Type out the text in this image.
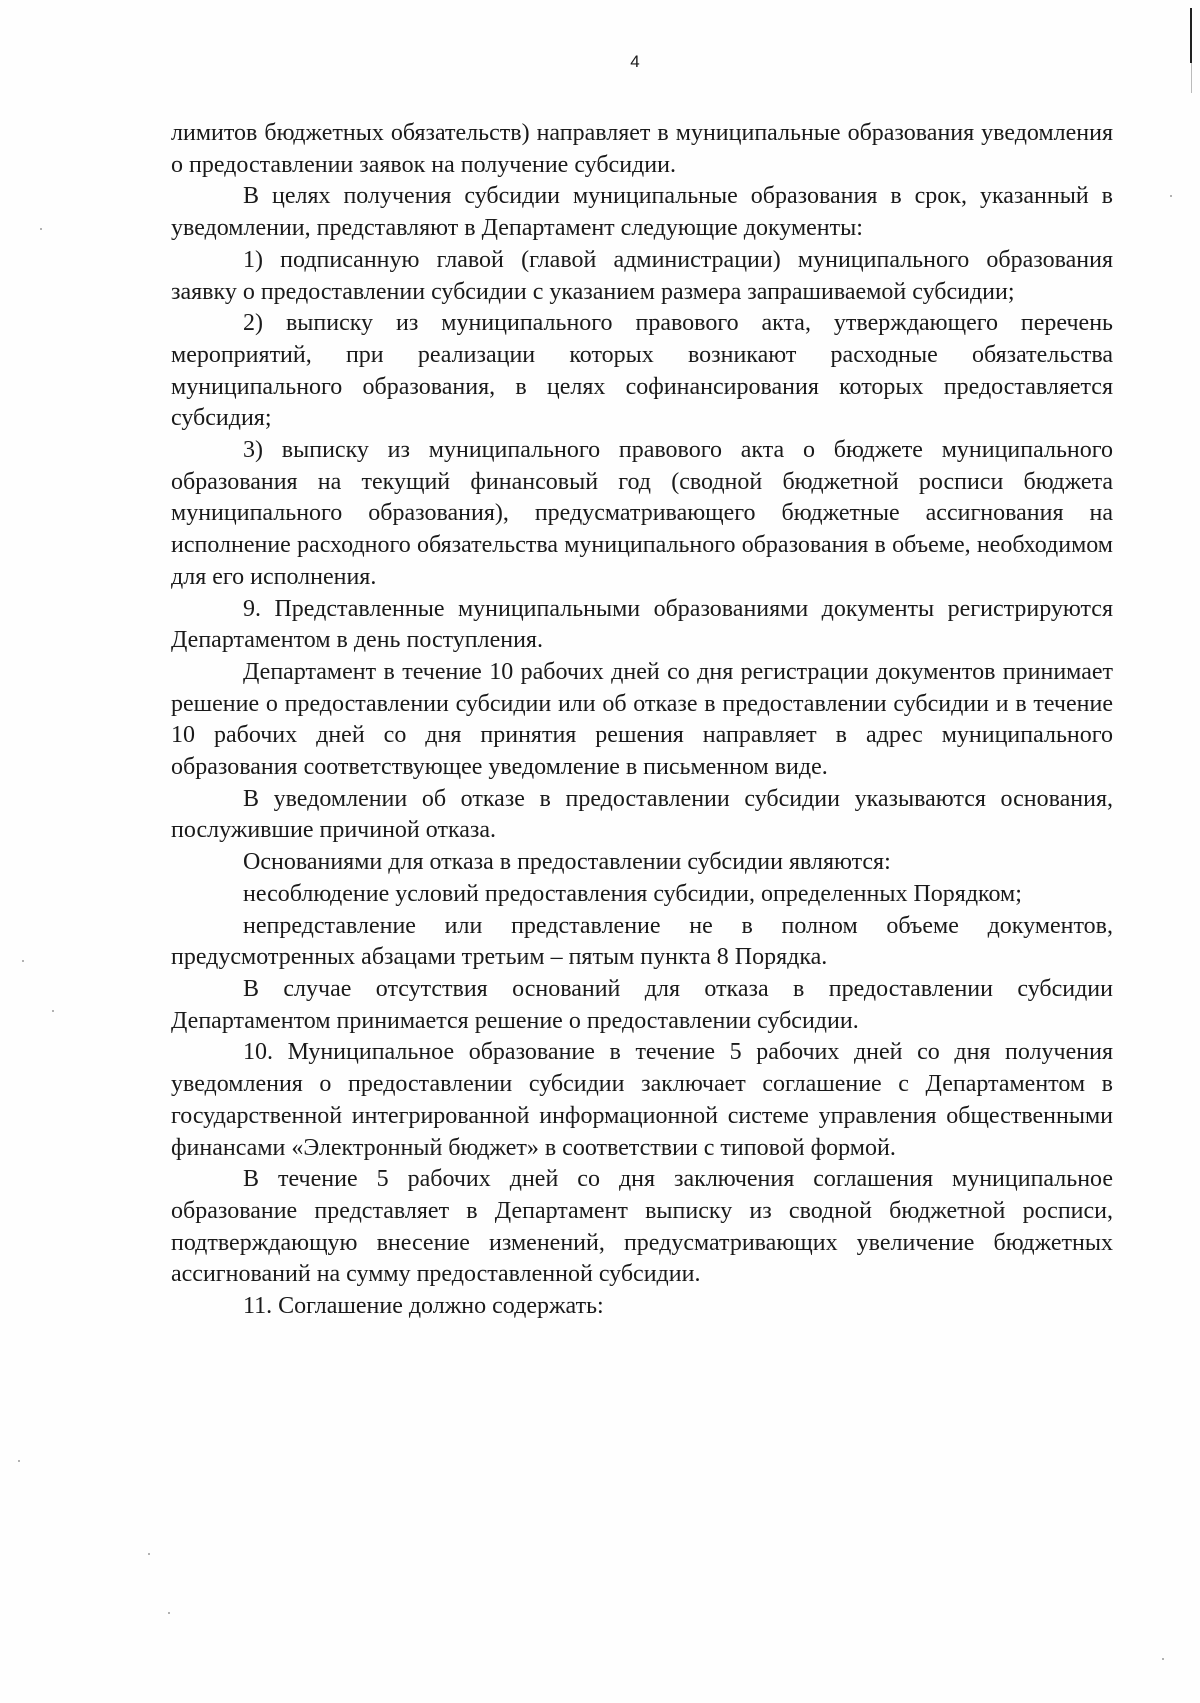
4

лимитов бюджетных обязательств) направляет в муниципальные образования уведомления о предоставлении заявок на получение субсидии.

В целях получения субсидии муниципальные образования в срок, указанный в уведомлении, представляют в Департамент следующие документы:

1) подписанную главой (главой администрации) муниципального образования заявку о предоставлении субсидии с указанием размера запрашиваемой субсидии;

2) выписку из муниципального правового акта, утверждающего перечень мероприятий, при реализации которых возникают расходные обязательства муниципального образования, в целях софинансирования которых предоставляется субсидия;

3) выписку из муниципального правового акта о бюджете муниципального образования на текущий финансовый год (сводной бюджетной росписи бюджета муниципального образования), предусматривающего бюджетные ассигнования на исполнение расходного обязательства муниципального образования в объеме, необходимом для его исполнения.

9. Представленные муниципальными образованиями документы регистрируются Департаментом в день поступления.

Департамент в течение 10 рабочих дней со дня регистрации документов принимает решение о предоставлении субсидии или об отказе в предоставлении субсидии и в течение 10 рабочих дней со дня принятия решения направляет в адрес муниципального образования соответствующее уведомление в письменном виде.

В уведомлении об отказе в предоставлении субсидии указываются основания, послужившие причиной отказа.

Основаниями для отказа в предоставлении субсидии являются:

несоблюдение условий предоставления субсидии, определенных Порядком;

непредставление или представление не в полном объеме документов, предусмотренных абзацами третьим – пятым пункта 8 Порядка.

В случае отсутствия оснований для отказа в предоставлении субсидии Департаментом принимается решение о предоставлении субсидии.

10. Муниципальное образование в течение 5 рабочих дней со дня получения уведомления о предоставлении субсидии заключает соглашение с Департаментом в государственной интегрированной информационной системе управления общественными финансами «Электронный бюджет» в соответствии с типовой формой.

В течение 5 рабочих дней со дня заключения соглашения муниципальное образование представляет в Департамент выписку из сводной бюджетной росписи, подтверждающую внесение изменений, предусматривающих увеличение бюджетных ассигнований на сумму предоставленной субсидии.

11. Соглашение должно содержать:
